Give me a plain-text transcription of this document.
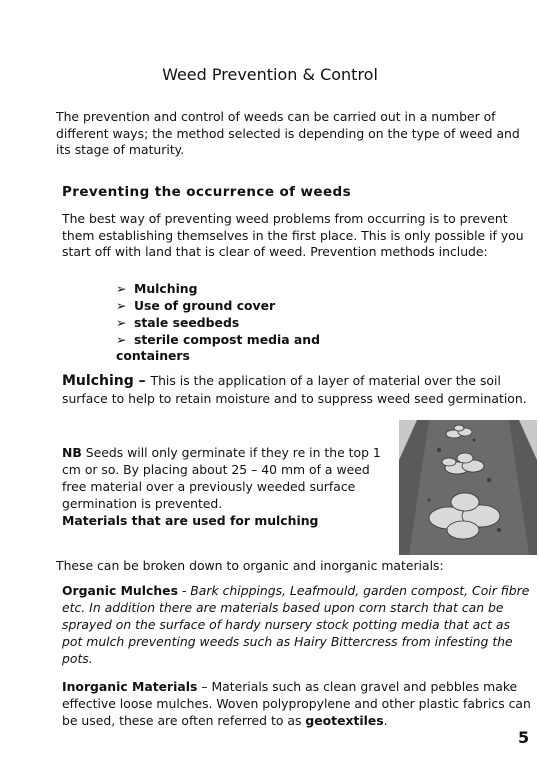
Weed Prevention & Control
The prevention and control of weeds can be carried out in a number of different ways; the method selected is depending on the type of weed and its stage of maturity.
Preventing the occurrence of weeds
The best way of preventing weed problems from occurring is to prevent them establishing themselves in the first place. This is only possible if you start off with land that is clear of weed. Prevention methods include:
➢ Mulching
➢ Use of ground cover
➢ stale seedbeds
➢ sterile compost media and
containers
Mulching – This is the application of a layer of material over the soil surface to help to retain moisture and to suppress weed seed germination.
NB Seeds will only germinate if they re in the top 1 cm or so. By placing about 25 – 40 mm of a weed free material over a previously weeded surface germination is prevented.
Materials that are used for mulching
These can be broken down to organic and inorganic materials:
Organic Mulches - Bark chippings, Leafmould, garden compost, Coir fibre etc. In addition there are materials based upon corn starch that can be sprayed on the surface of hardy nursery stock potting media that act as pot mulch preventing weeds such as Hairy Bittercress from infesting the pots.
Inorganic Materials – Materials such as clean gravel and pebbles make effective loose mulches. Woven polypropylene and other plastic fabrics can be used, these are often referred to as geotextiles.
5
